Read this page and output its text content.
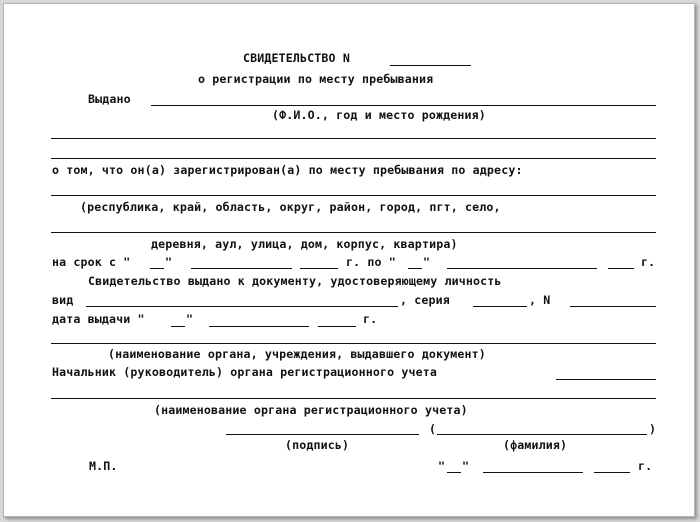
СВИДЕТЕЛЬСТВО N
о регистрации по месту пребывания
Выдано
(Ф.И.О., год и место рождения)
о том, что он(а) зарегистрирован(а) по месту пребывания по адресу:
(республика, край, область, округ, район, город, пгт, село,
деревня, аул, улица, дом, корпус, квартира)
на срок с "	"	г. по " "	г.
Свидетельство выдано к документу, удостоверяющему личность
вид	, серия	, N
дата выдачи "	"	г.
(наименование органа, учреждения, выдавшего документ)
Начальник (руководитель) органа регистрационного учета
(наименование органа регистрационного учета)
(	)
(подпись)	(фамилия)
М.П.	" "	г.
